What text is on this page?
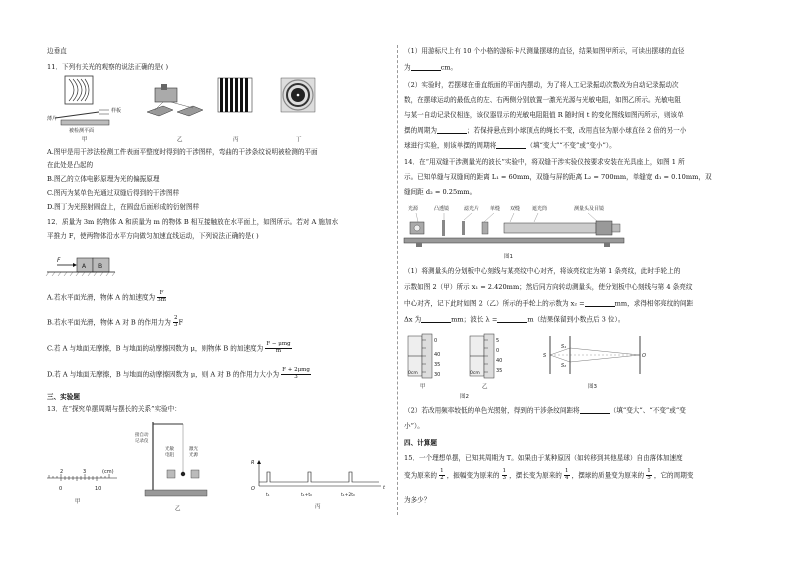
边垂直
11．下列有关光的观察的说法正确的是( )
样板
薄片
被检测平面
甲	乙	丙	丁
A.图甲是用干涉法检测工件表面平整度时得到的干涉图样，弯曲的干涉条纹说明被检测的平面
在此处是凸起的
B.图乙的立体电影原理为光的偏振原理
C.图丙为某单色光通过双缝后得到的干涉图样
D.图丁为光照射圆盘上，在圆盘后面形成的衍射图样
12．质量为 3m 的物体 A 和质量为 m 的物体 B 相互接触放在水平面上，如图所示。若对 A 施加水
平推力 F，使两物体沿水平方向做匀加速直线运动，下列说法正确的是( )
F
A B
A.若水平面光滑，物体 A 的加速度为 $\frac{F}{3m}$
B.若水平面光滑，物体 A 对 B 的作用力为 $\frac{2}{3}$ F
C.若 A 与地面无摩擦，B 与地面的动摩擦因数为 μ，则物体 B 的加速度为 $\frac{\text{F − μmg}}{m}$
D.若 A 与地面无摩擦，B 与地面的动摩擦因数为 μ，则 A 对 B 的作用力大小为 $\frac{\text{F + 2μmg}}{3}$
三、实验题
13．在“探究单摆周期与摆长的关系”实验中：
2	3	(cm)
0	10
甲
接自动
记录仪
光敏
电阻
激光
光源
乙
R
O	t
t₁	t₁+t₀	t₁+2t₀
丙
（1）用游标尺上有 10 个小格的游标卡尺测量摆球的直径，结果如图甲所示，可读出摆球的直径
为	cm。
（2）实验时，若摆球在垂直纸面的平面内摆动，为了将人工记录振动次数改为自动记录振动次
数，在摆球运动的最低点的左、右两侧分别放置一激光光源与光敏电阻，如图乙所示。光敏电阻
与某一自动记录仪相连，该仪器显示的光敏电阻阻值 R 随时间 t 的变化图线如图丙所示，则该单
摆的周期为	；若保持悬点到小球顶点的绳长不变，改用直径为原小球直径 2 倍的另一小
球进行实验，则该单摆的周期将	（填“变大”“不变”或“变小”）。
14．在“用双缝干涉测量光的波长”实验中，将双缝干涉实验仪按要求安装在光具座上，如图 1 所
示。已知单缝与双缝间的距离 L₁ = 60mm，双缝与屏的距离 L₂ = 700mm，单缝宽 d₁ = 0.10mm，双
缝间距 d₂ = 0.25mm。
光源	凸透镜	滤光片 单缝 双缝 遮光筒	测量头及目镜
图1
（1）将测量头的分划板中心刻线与某亮纹中心对齐，将该亮纹定为第 1 条亮纹，此时手轮上的
示数如图 2（甲）所示 x₁ = 2.420mm；然后同方向转动测量头，使分划板中心刻线与第 4 条亮纹
中心对齐，记下此时如图 2（乙）所示的手轮上的示数为 x₂ =	mm，求得相邻亮纹的间距
Δx 为	mm；波长 λ =	m（结果保留到小数点后 3 位）。
0
40
35
30
0cm
甲
5
0
40
35
0cm
乙
图2
S
S₁
S₂
O
图3
（2）若改用频率较低的单色光照射，得到的干涉条纹间距将	（填“变大”、“不变”或“变
小”）。
四、计算题
15．一个理想单摆，已知其周期为 T。如果由于某种原因（如转移到其他星球）自由落体加速度
变为原来的 $\frac{1}{2}$ ，振幅变为原来的 $\frac{1}{3}$ ，摆长变为原来的 $\frac{1}{4}$ ，摆球的质量变为原来的 $\frac{1}{5}$ ，它的周期变
为多少？
